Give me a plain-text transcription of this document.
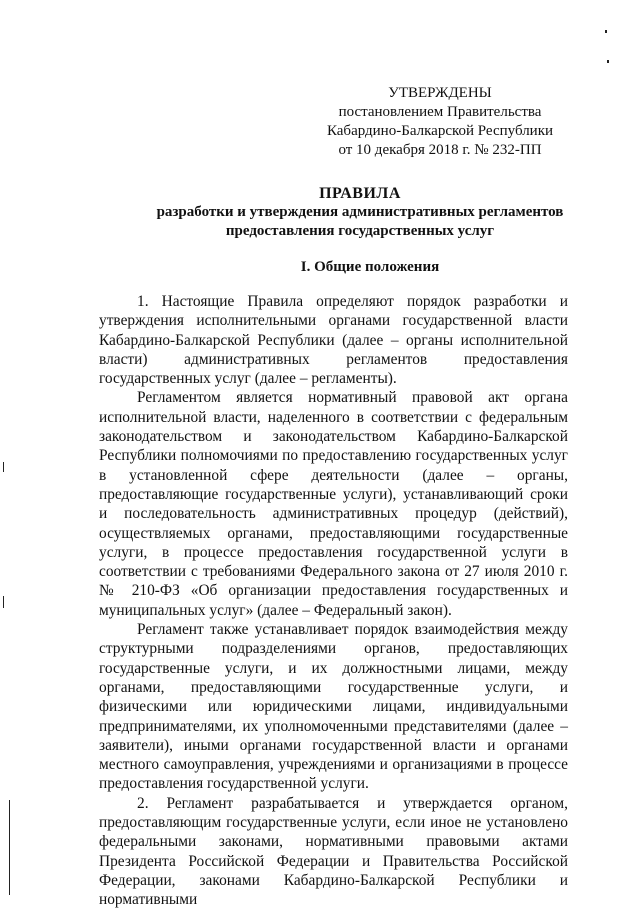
УТВЕРЖДЕНЫ
постановлением Правительства
Кабардино-Балкарской Республики
от 10 декабря 2018 г. № 232-ПП
ПРАВИЛА
разработки и утверждения административных регламентов
предоставления государственных услуг
I. Общие положения

1. Настоящие Правила определяют порядок разработки и утверждения исполнительными органами государственной власти Кабардино-Балкарской Республики (далее – органы исполнительной власти) административных регламентов предоставления государственных услуг (далее – регламенты).

Регламентом является нормативный правовой акт органа исполнительной власти, наделенного в соответствии с федеральным законодательством и законодательством Кабардино-Балкарской Республики полномочиями по предоставлению государственных услуг в установленной сфере деятельности (далее – органы, предоставляющие государственные услуги), устанавливающий сроки и последовательность административных процедур (действий), осуществляемых органами, предоставляющими государственные услуги, в процессе предоставления государственной услуги в соответствии с требованиями Федерального закона от 27 июля 2010 г. № 210-ФЗ «Об организации предоставления государственных и муниципальных услуг» (далее – Федеральный закон).

Регламент также устанавливает порядок взаимодействия между структурными подразделениями органов, предоставляющих государственные услуги, и их должностными лицами, между органами, предоставляющими государственные услуги, и физическими или юридическими лицами, индивидуальными предпринимателями, их уполномоченными представителями (далее – заявители), иными органами государственной власти и органами местного самоуправления, учреждениями и организациями в процессе предоставления государственной услуги.

2. Регламент разрабатывается и утверждается органом, предоставляющим государственные услуги, если иное не установлено федеральными законами, нормативными правовыми актами Президента Российской Федерации и Правительства Российской Федерации, законами Кабардино-Балкарской Республики и нормативными
